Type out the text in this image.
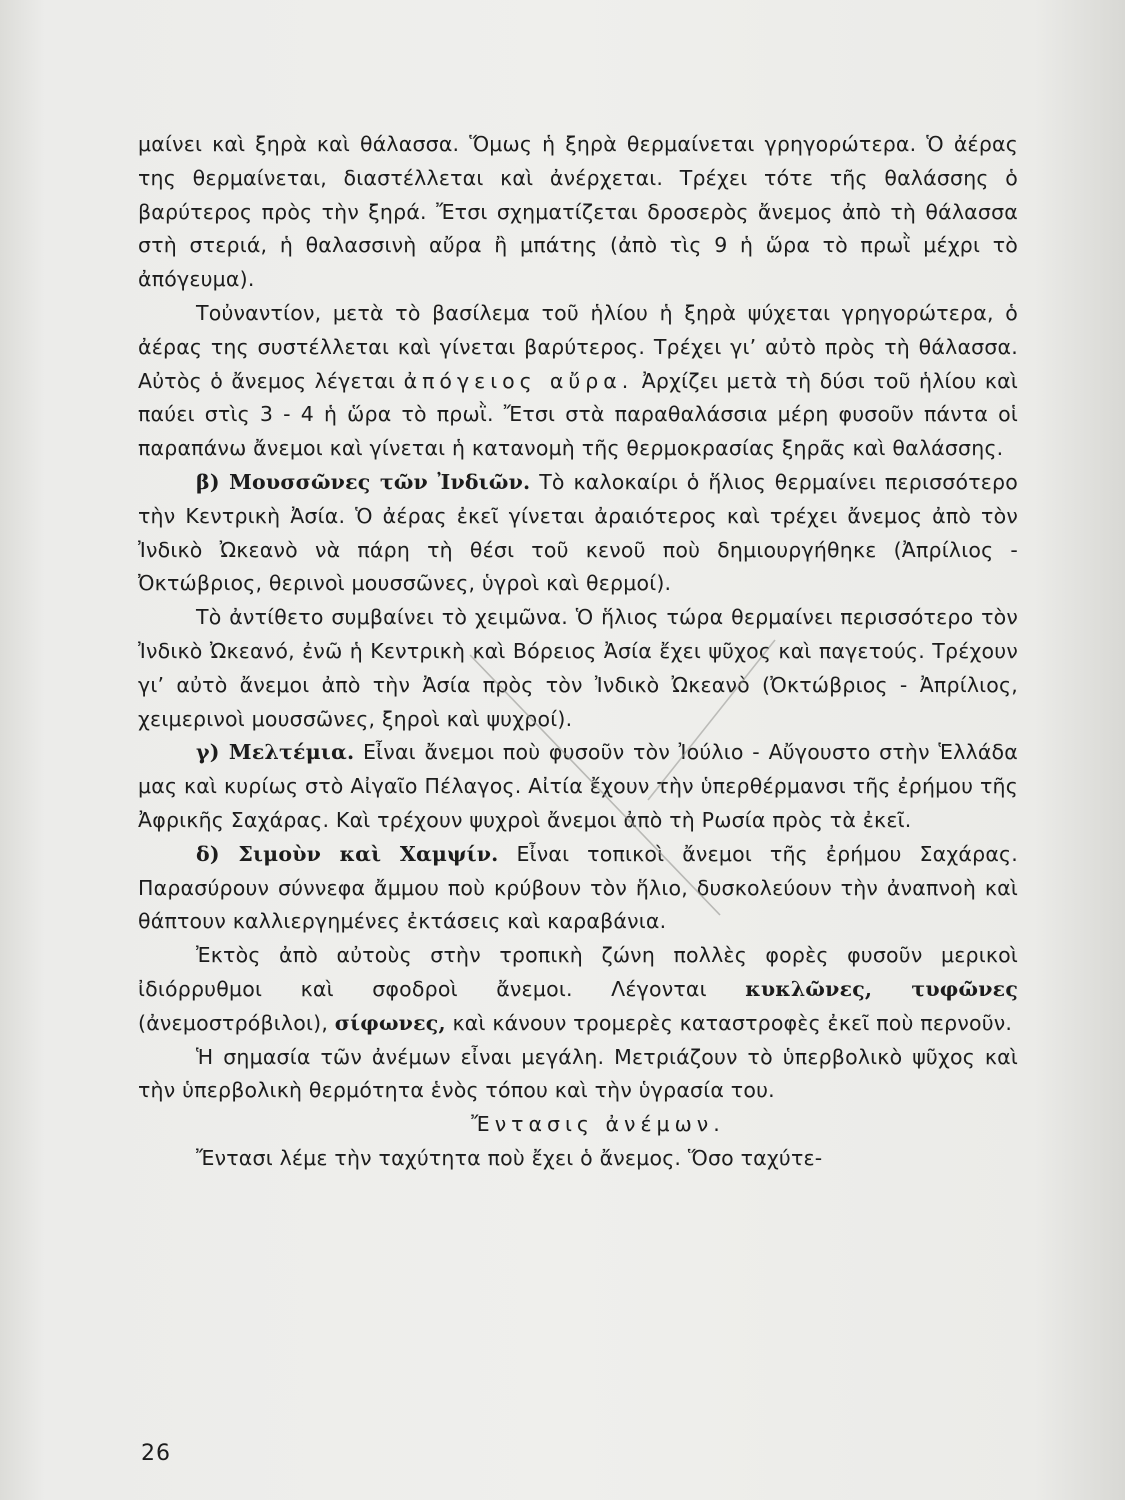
μαίνει καὶ ξηρὰ καὶ θάλασσα. Ὅμως ἡ ξηρὰ θερμαίνεται γρηγορώτερα. Ὁ ἀέρας της θερμαίνεται, διαστέλλεται καὶ ἀνέρχεται. Τρέχει τότε τῆς θαλάσσης ὁ βαρύτερος πρὸς τὴν ξηρά. Ἔτσι σχηματίζεται δροσερὸς ἄνεμος ἀπὸ τὴ θάλασσα στὴ στεριά, ἡ θαλασσινὴ αὔρα ἢ μπάτης (ἀπὸ τὶς 9 ἡ ὥρα τὸ πρωῒ μέχρι τὸ ἀπόγευμα).

Τοὐναντίον, μετὰ τὸ βασίλεμα τοῦ ἡλίου ἡ ξηρὰ ψύχεται γρηγορώτερα, ὁ ἀέρας της συστέλλεται καὶ γίνεται βαρύτερος. Τρέχει γι’ αὐτὸ πρὸς τὴ θάλασσα. Αὐτὸς ὁ ἄνεμος λέγεται ἀπόγειος αὔρα. Ἀρχίζει μετὰ τὴ δύσι τοῦ ἡλίου καὶ παύει στὶς 3 - 4 ἡ ὥρα τὸ πρωῒ. Ἔτσι στὰ παραθαλάσσια μέρη φυσοῦν πάντα οἱ παραπάνω ἄνεμοι καὶ γίνεται ἡ κατανομὴ τῆς θερμοκρασίας ξηρᾶς καὶ θαλάσσης.

β) Μουσσῶνες τῶν Ἰνδιῶν. Τὸ καλοκαίρι ὁ ἥλιος θερμαίνει περισσότερο τὴν Κεντρικὴ Ἀσία. Ὁ ἀέρας ἐκεῖ γίνεται ἀραιότερος καὶ τρέχει ἄνεμος ἀπὸ τὸν Ἰνδικὸ Ὠκεανὸ νὰ πάρη τὴ θέσι τοῦ κενοῦ ποὺ δημιουργήθηκε (Ἀπρίλιος - Ὀκτώβριος, θερινοὶ μουσσῶνες, ὑγροὶ καὶ θερμοί).

Τὸ ἀντίθετο συμβαίνει τὸ χειμῶνα. Ὁ ἥλιος τώρα θερμαίνει περισσότερο τὸν Ἰνδικὸ Ὠκεανό, ἐνῶ ἡ Κεντρικὴ καὶ Βόρειος Ἀσία ἔχει ψῦχος καὶ παγετούς. Τρέχουν γι’ αὐτὸ ἄνεμοι ἀπὸ τὴν Ἀσία πρὸς τὸν Ἰνδικὸ Ὠκεανὸ (Ὀκτώβριος - Ἀπρίλιος, χειμερινοὶ μουσσῶνες, ξηροὶ καὶ ψυχροί).

γ) Μελτέμια. Εἶναι ἄνεμοι ποὺ φυσοῦν τὸν Ἰούλιο - Αὔγουστο στὴν Ἑλλάδα μας καὶ κυρίως στὸ Αἰγαῖο Πέλαγος. Αἰτία ἔχουν τὴν ὑπερθέρμανσι τῆς ἐρήμου τῆς Ἀφρικῆς Σαχάρας. Καὶ τρέχουν ψυχροὶ ἄνεμοι ἀπὸ τὴ Ρωσία πρὸς τὰ ἐκεῖ.

δ) Σιμοὺν καὶ Χαμψίν. Εἶναι τοπικοὶ ἄνεμοι τῆς ἐρήμου Σαχάρας. Παρασύρουν σύννεφα ἄμμου ποὺ κρύβουν τὸν ἥλιο, δυσκολεύουν τὴν ἀναπνοὴ καὶ θάπτουν καλλιεργημένες ἐκτάσεις καὶ καραβάνια.

Ἐκτὸς ἀπὸ αὐτοὺς στὴν τροπικὴ ζώνη πολλὲς φορὲς φυσοῦν μερικοὶ ἰδιόρρυθμοι καὶ σφοδροὶ ἄνεμοι. Λέγονται κυκλῶνες, τυφῶνες (ἀνεμοστρόβιλοι), σίφωνες, καὶ κάνουν τρομερὲς καταστροφὲς ἐκεῖ ποὺ περνοῦν.

Ἡ σημασία τῶν ἀνέμων εἶναι μεγάλη. Μετριάζουν τὸ ὑπερβολικὸ ψῦχος καὶ τὴν ὑπερβολικὴ θερμότητα ἑνὸς τόπου καὶ τὴν ὑγρασία του.

Ἔντασις ἀνέμων.

Ἔντασι λέμε τὴν ταχύτητα ποὺ ἔχει ὁ ἄνεμος. Ὅσο ταχύτε-

26
